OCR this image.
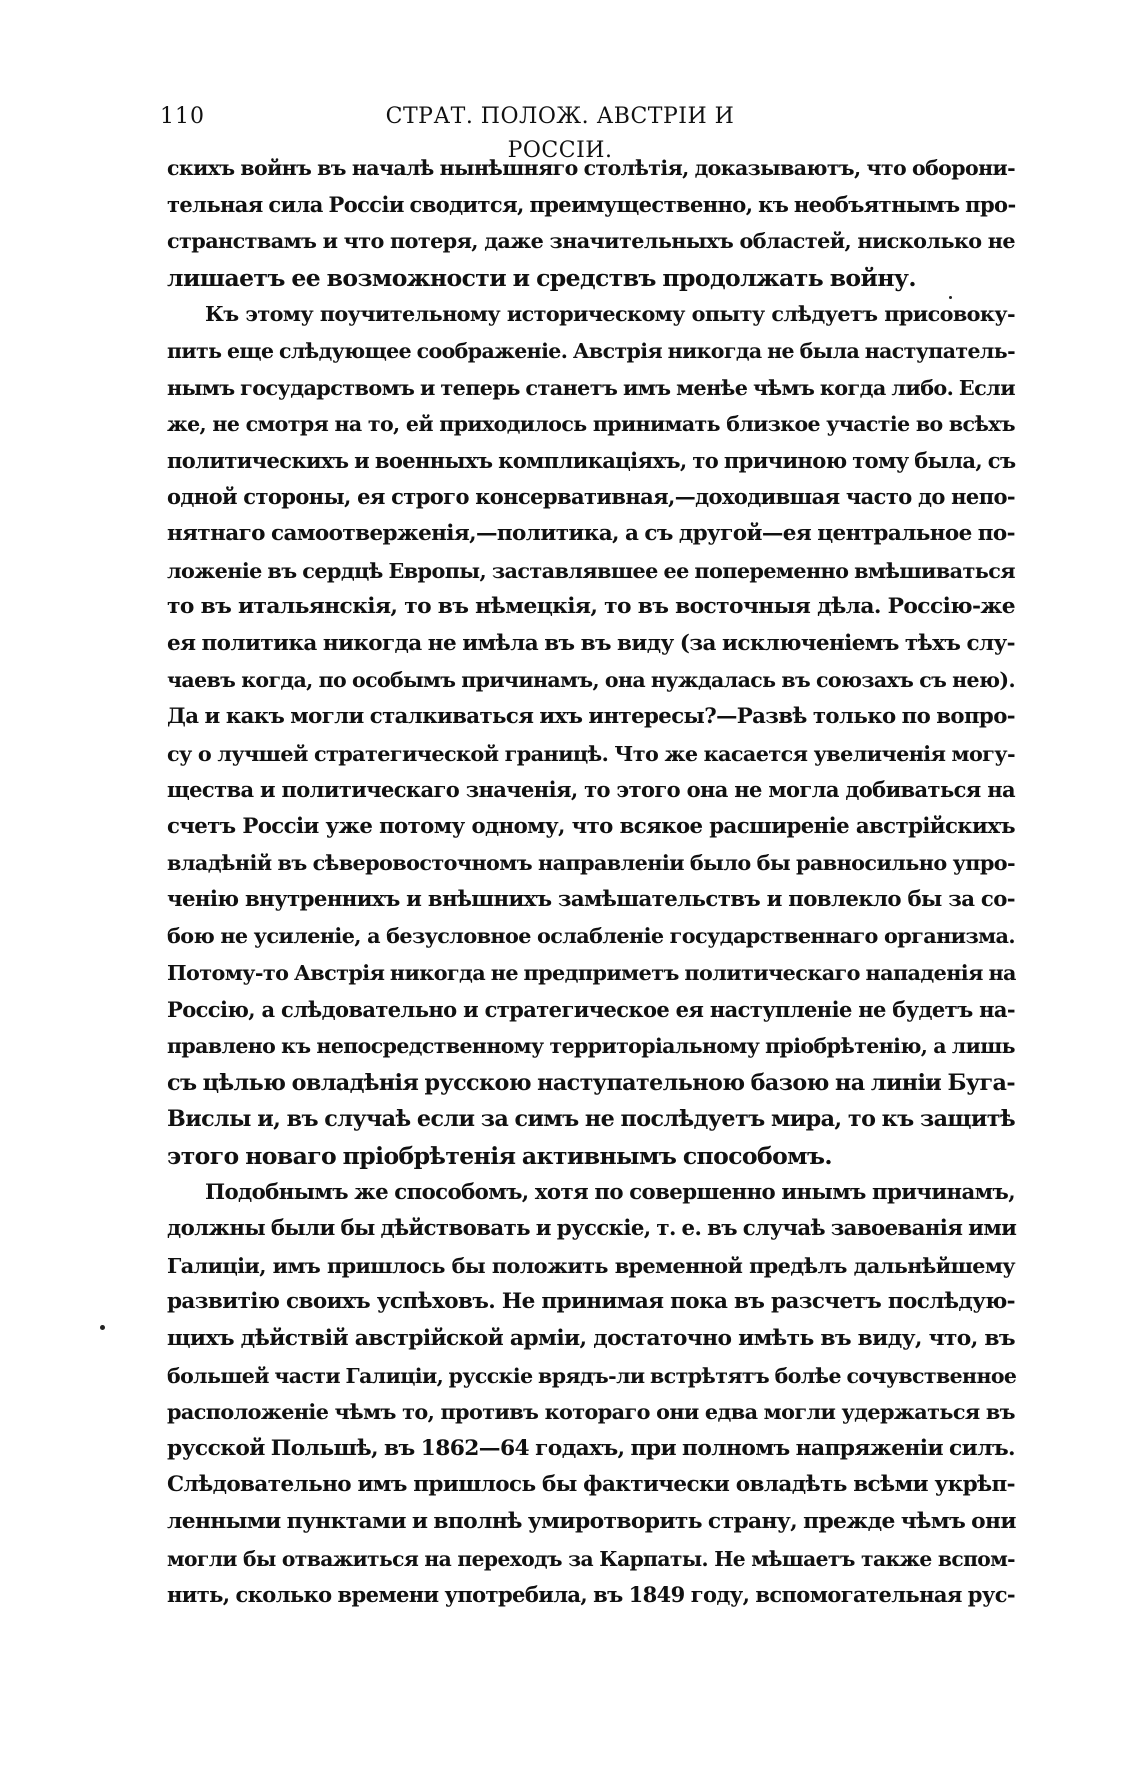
110	СТРАТ. ПОЛОЖ. АВСТРІИ И РОССІИ.
скихъ войнъ въ началѣ нынѣшняго столѣтія, доказываютъ, что оборони-
тельная сила Россіи сводится, преимущественно, къ необъятнымъ про-
странствамъ и что потеря, даже значительныхъ областей, нисколько не
лишаетъ ее возможности и средствъ продолжать войну.
Къ этому поучительному историческому опыту слѣдуетъ присовоку-
пить еще слѣдующее соображеніе. Австрія никогда не была наступатель-
нымъ государствомъ и теперь станетъ имъ менѣе чѣмъ когда либо. Если
же, не смотря на то, ей приходилось принимать близкое участіе во всѣхъ
политическихъ и военныхъ компликаціяхъ, то причиною тому была, съ
одной стороны, ея строго консервативная,—доходившая часто до непо-
нятнаго самоотверженія,—политика, а съ другой—ея центральное по-
ложеніе въ сердцѣ Европы, заставлявшее ее попеременно вмѣшиваться
то въ итальянскія, то въ нѣмецкія, то въ восточныя дѣла. Россію-же
ея политика никогда не имѣла въ въ виду (за исключеніемъ тѣхъ слу-
чаевъ когда, по особымъ причинамъ, она нуждалась въ союзахъ съ нею).
Да и какъ могли сталкиваться ихъ интересы?—Развѣ только по вопро-
су о лучшей стратегической границѣ. Что же касается увеличенія могу-
щества и политическаго значенія, то этого она не могла добиваться на
счетъ Россіи уже потому одному, что всякое расширеніе австрійскихъ
владѣній въ сѣверовосточномъ направленіи было бы равносильно упро-
ченію внутреннихъ и внѣшнихъ замѣшательствъ и повлекло бы за со-
бою не усиленіе, а безусловное ослабленіе государственнаго организма.
Потому-то Австрія никогда не предприметъ политическаго нападенія на
Россію, а слѣдовательно и стратегическое ея наступленіе не будетъ на-
правлено къ непосредственному территоріальному пріобрѣтенію, а лишь
съ цѣлью овладѣнія русскою наступательною базою на линіи Буга-
Вислы и, въ случаѣ если за симъ не послѣдуетъ мира, то къ защитѣ
этого новаго пріобрѣтенія активнымъ способомъ.
Подобнымъ же способомъ, хотя по совершенно инымъ причинамъ,
должны были бы дѣйствовать и русскіе, т. е. въ случаѣ завоеванія ими
Галиціи, имъ пришлось бы положить временной предѣлъ дальнѣйшему
развитію своихъ успѣховъ. Не принимая пока въ разсчетъ послѣдую-
щихъ дѣйствій австрійской арміи, достаточно имѣть въ виду, что, въ
большей части Галиціи, русскіе врядъ-ли встрѣтятъ болѣе сочувственное
расположеніе чѣмъ то, противъ котораго они едва могли удержаться въ
русской Польшѣ, въ 1862—64 годахъ, при полномъ напряженіи силъ.
Слѣдовательно имъ пришлось бы фактически овладѣть всѣми укрѣп-
ленными пунктами и вполнѣ умиротворить страну, прежде чѣмъ они
могли бы отважиться на переходъ за Карпаты. Не мѣшаетъ также вспом-
нить, сколько времени употребила, въ 1849 году, вспомогательная рус-
